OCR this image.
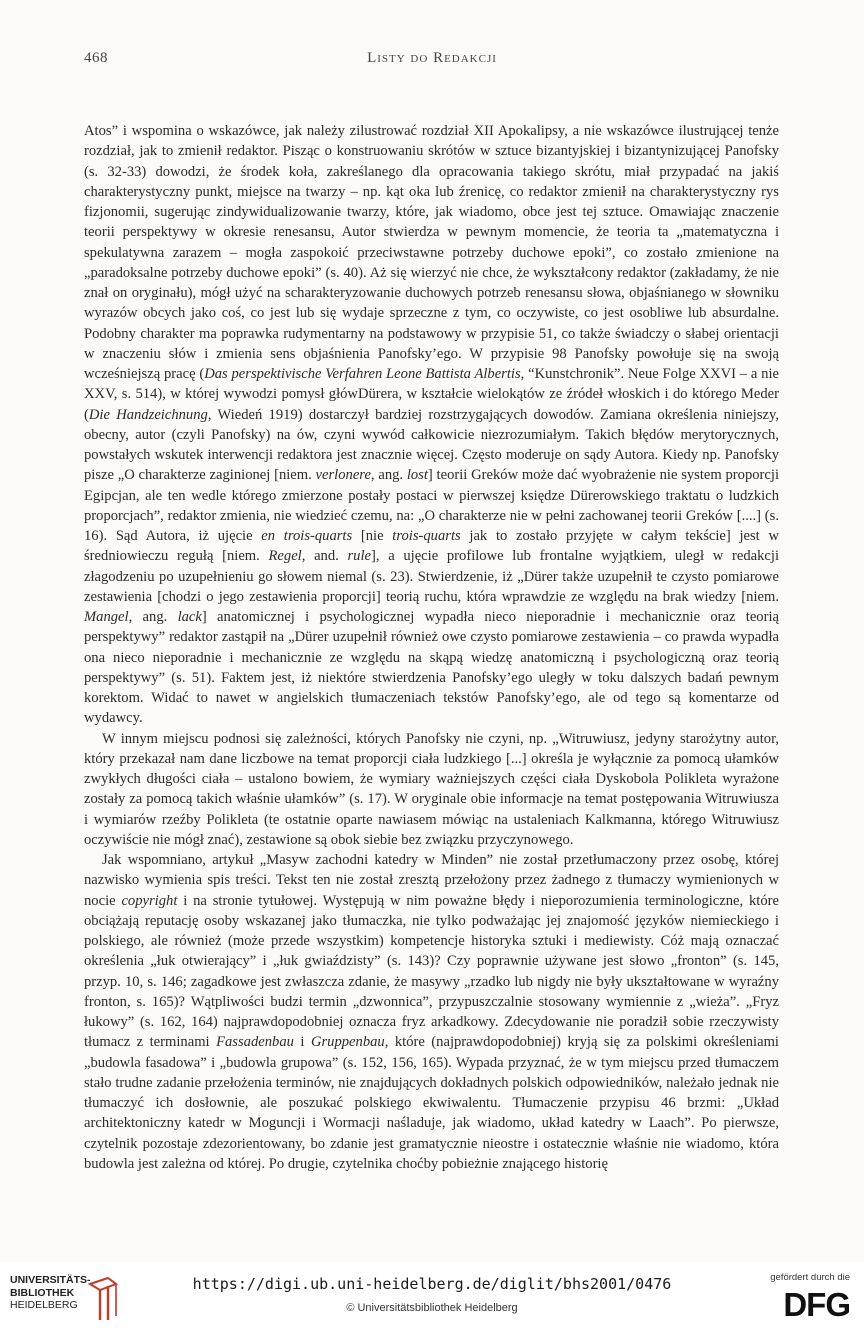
468	Listy do Redakcji

Atos” i wspomina o wskazówce, jak należy zilustrować rozdział XII Apokalipsy, a nie wskazówce ilustrującej tenże rozdział, jak to zmienił redaktor. Pisząc o konstruowaniu skrótów w sztuce bizantyjskiej i bizantynizującej Panofsky (s. 32-33) dowodzi, że środek koła, zakreślanego dla opracowania takiego skrótu, miał przypadać na jakiś charakterystyczny punkt, miejsce na twarzy – np. kąt oka lub źrenicę, co redaktor zmienił na charakterystyczny rys fizjonomii, sugerując zindywidualizowanie twarzy, które, jak wiadomo, obce jest tej sztuce. Omawiając znaczenie teorii perspektywy w okresie renesansu, Autor stwierdza w pewnym momencie, że teoria ta „matematyczna i spekulatywna zarazem – mogła zaspokoić przeciwstawne potrzeby duchowe epoki”, co zostało zmienione na „paradoksalne potrzeby duchowe epoki” (s. 40). Aż się wierzyć nie chce, że wykształcony redaktor (zakładamy, że nie znał on oryginału), mógł użyć na scharakteryzowanie duchowych potrzeb renesansu słowa, objaśnianego w słowniku wyrazów obcych jako coś, co jest lub się wydaje sprzeczne z tym, co oczywiste, co jest osobliwe lub absurdalne. Podobny charakter ma poprawka rudymentarny na podstawowy w przypisie 51, co także świadczy o słabej orientacji w znaczeniu słów i zmienia sens objaśnienia Panofsky’ego. W przypisie 98 Panofsky powołuje się na swoją wcześniejszą pracę (Das perspektivische Verfahren Leone Battista Albertis, “Kunstchronik”. Neue Folge XXVI – a nie XXV, s. 514), w której wywodzi pomysł główDürera, w kształcie wielokątów ze źródeł włoskich i do którego Meder (Die Handzeichnung, Wiedeń 1919) dostarczył bardziej rozstrzygających dowodów. Zamiana określenia niniejszy, obecny, autor (czyli Panofsky) na ów, czyni wywód całkowicie niezrozumiałym. Takich błędów merytorycznych, powstałych wskutek interwencji redaktora jest znacznie więcej. Często moderuje on sądy Autora. Kiedy np. Panofsky pisze „O charakterze zaginionej [niem. verlonere, ang. lost] teorii Greków może dać wyobrażenie nie system proporcji Egipcjan, ale ten wedle którego zmierzone postały postaci w pierwszej księdze Dürerowskiego traktatu o ludzkich proporcjach”, redaktor zmienia, nie wiedzieć czemu, na: „O charakterze nie w pełni zachowanej teorii Greków [....] (s. 16). Sąd Autora, iż ujęcie en trois-quarts [nie trois-quarts jak to zostało przyjęte w całym tekście] jest w średniowieczu regułą [niem. Regel, and. rule], a ujęcie profilowe lub frontalne wyjątkiem, uległ w redakcji złagodzeniu po uzupełnieniu go słowem niemal (s. 23). Stwierdzenie, iż „Dürer także uzupełnił te czysto pomiarowe zestawienia [chodzi o jego zestawienia proporcji] teorią ruchu, która wprawdzie ze względu na brak wiedzy [niem. Mangel, ang. lack] anatomicznej i psychologicznej wypadła nieco nieporadnie i mechanicznie oraz teorią perspektywy” redaktor zastąpił na „Dürer uzupełnił również owe czysto pomiarowe zestawienia – co prawda wypadła ona nieco nieporadnie i mechanicznie ze względu na skąpą wiedzę anatomiczną i psychologiczną oraz teorią perspektywy” (s. 51). Faktem jest, iż niektóre stwierdzenia Panofsky’ego uległy w toku dalszych badań pewnym korektom. Widać to nawet w angielskich tłumaczeniach tekstów Panofsky’ego, ale od tego są komentarze od wydawcy.

W innym miejscu podnosi się zależności, których Panofsky nie czyni, np. „Witruwiusz, jedyny starożytny autor, który przekazał nam dane liczbowe na temat proporcji ciała ludzkiego [...] określa je wyłącznie za pomocą ułamków zwykłych długości ciała – ustalono bowiem, że wymiary ważniejszych części ciała Dyskobola Polikleta wyrażone zostały za pomocą takich właśnie ułamków” (s. 17). W oryginale obie informacje na temat postępowania Witruwiusza i wymiarów rzeźby Polikleta (te ostatnie oparte nawiasem mówiąc na ustaleniach Kalkmanna, którego Witruwiusz oczywiście nie mógł znać), zestawione są obok siebie bez związku przyczynowego.

Jak wspomniano, artykuł „Masyw zachodni katedry w Minden” nie został przetłumaczony przez osobę, której nazwisko wymienia spis treści. Tekst ten nie został zresztą przełożony przez żadnego z tłumaczy wymienionych w nocie copyright i na stronie tytułowej. Występują w nim poważne błędy i nieporozumienia terminologiczne, które obciążają reputację osoby wskazanej jako tłumaczka, nie tylko podważając jej znajomość języków niemieckiego i polskiego, ale również (może przede wszystkim) kompetencje historyka sztuki i mediewisty. Cóż mają oznaczać określenia „łuk otwierający” i „łuk gwiaździsty” (s. 143)? Czy poprawnie używane jest słowo „fronton” (s. 145, przyp. 10, s. 146; zagadkowe jest zwłaszcza zdanie, że masywy „rzadko lub nigdy nie były ukształtowane w wyraźny fronton, s. 165)? Wątpliwości budzi termin „dzwonnica”, przypuszczalnie stosowany wymiennie z „wieża”. „Fryz łukowy” (s. 162, 164) najprawdopodobniej oznacza fryz arkadkowy. Zdecydowanie nie poradził sobie rzeczywisty tłumacz z terminami Fassadenbau i Gruppenbau, które (najprawdopodobniej) kryją się za polskimi określeniami „budowla fasadowa” i „budowla grupowa” (s. 152, 156, 165). Wypada przyznać, że w tym miejscu przed tłumaczem stało trudne zadanie przełożenia terminów, nie znajdujących dokładnych polskich odpowiedników, należało jednak nie tłumaczyć ich dosłownie, ale poszukać polskiego ekwiwalentu. Tłumaczenie przypisu 46 brzmi: „Układ architektoniczny katedr w Moguncji i Wormacji naśladuje, jak wiadomo, układ katedry w Laach”. Po pierwsze, czytelnik pozostaje zdezorientowany, bo zdanie jest gramatycznie nieostre i ostatecznie właśnie nie wiadomo, która budowla jest zależna od której. Po drugie, czytelnika choćby pobieżnie znającego historię

UNIVERSITÄTS-
BIBLIOTHEK
HEIDELBERG
https://digi.ub.uni-heidelberg.de/diglit/bhs2001/0476
© Universitätsbibliothek Heidelberg
gefördert durch die
DFG
